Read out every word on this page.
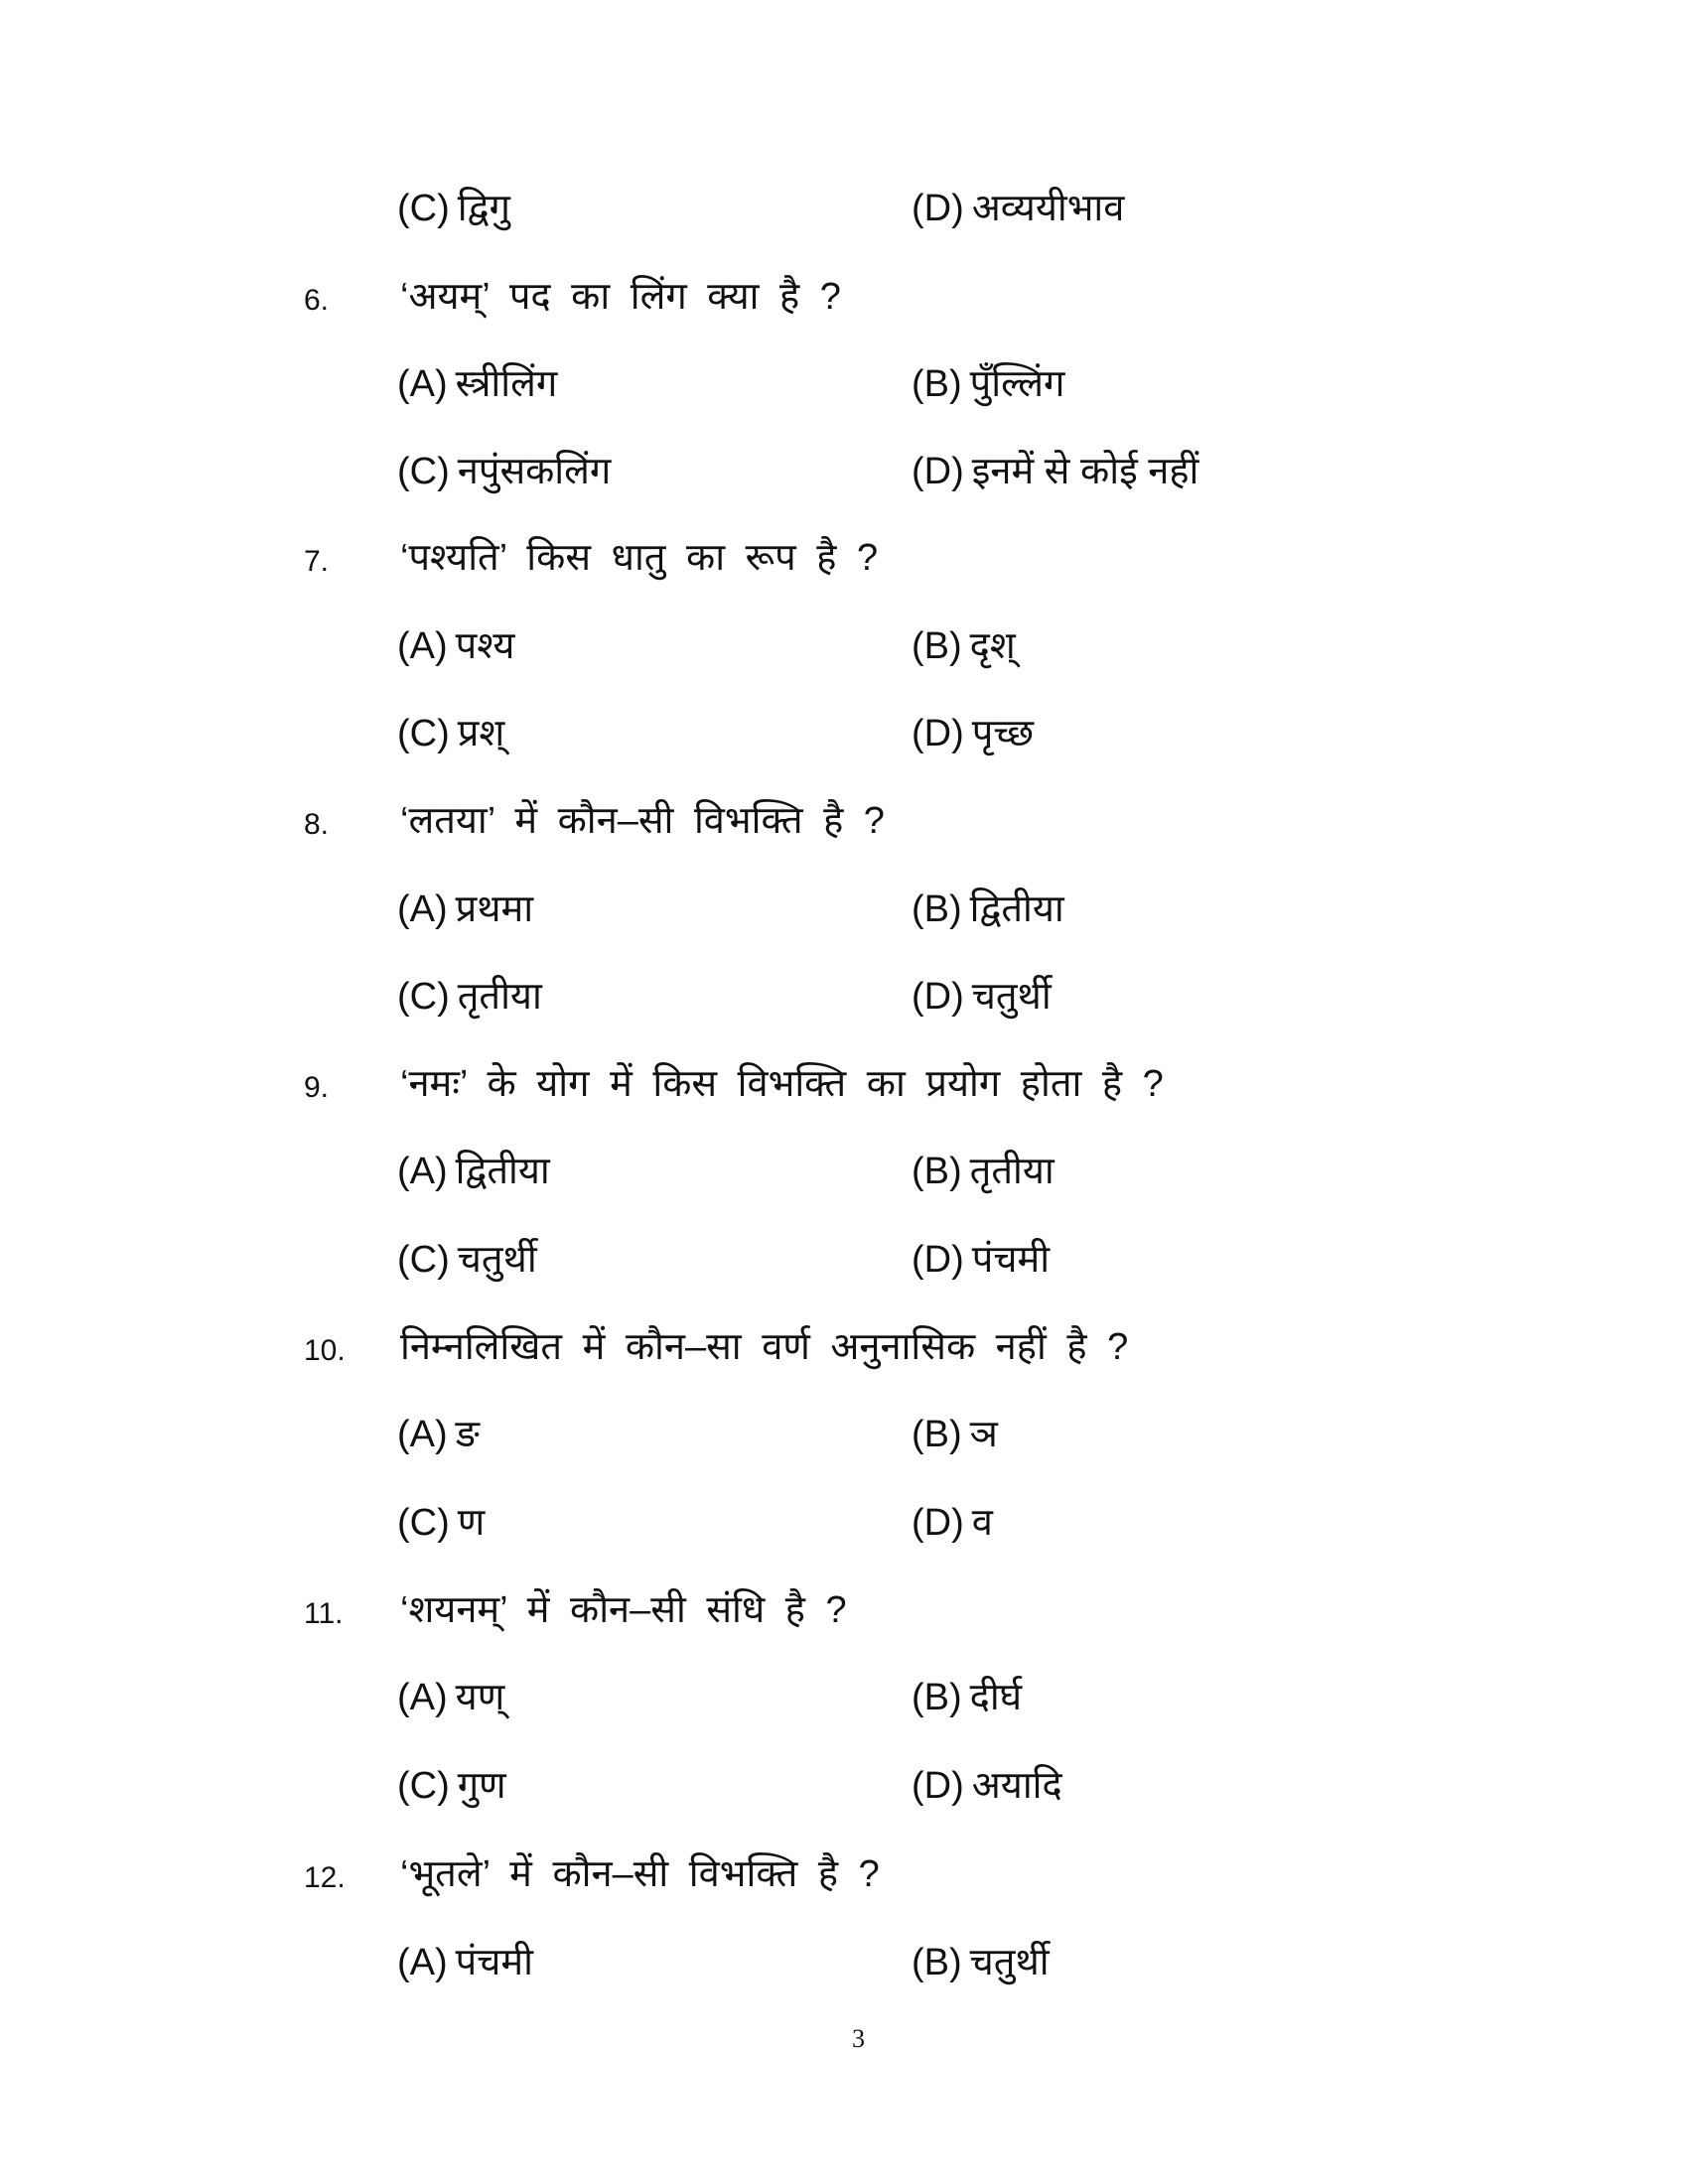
(C) द्विगु	(D) अव्ययीभाव
6. ‘अयम्’ पद का लिंग क्या है ?
(A) स्त्रीलिंग	(B) पुँल्लिंग
(C) नपुंसकलिंग	(D) इनमें से कोई नहीं
7. ‘पश्यति’ किस धातु का रूप है ?
(A) पश्य	(B) दृश्
(C) प्रश्	(D) पृच्छ
8. ‘लतया’ में कौन–सी विभक्ति है ?
(A) प्रथमा	(B) द्वितीया
(C) तृतीया	(D) चतुर्थी
9. ‘नमः’ के योग में किस विभक्ति का प्रयोग होता है ?
(A) द्वितीया	(B) तृतीया
(C) चतुर्थी	(D) पंचमी
10. निम्नलिखित में कौन–सा वर्ण अनुनासिक नहीं है ?
(A) ङ	(B) ञ
(C) ण	(D) व
11. ‘शयनम्’ में कौन–सी संधि है ?
(A) यण्	(B) दीर्घ
(C) गुण	(D) अयादि
12. ‘भूतले’ में कौन–सी विभक्ति है ?
(A) पंचमी	(B) चतुर्थी
3
